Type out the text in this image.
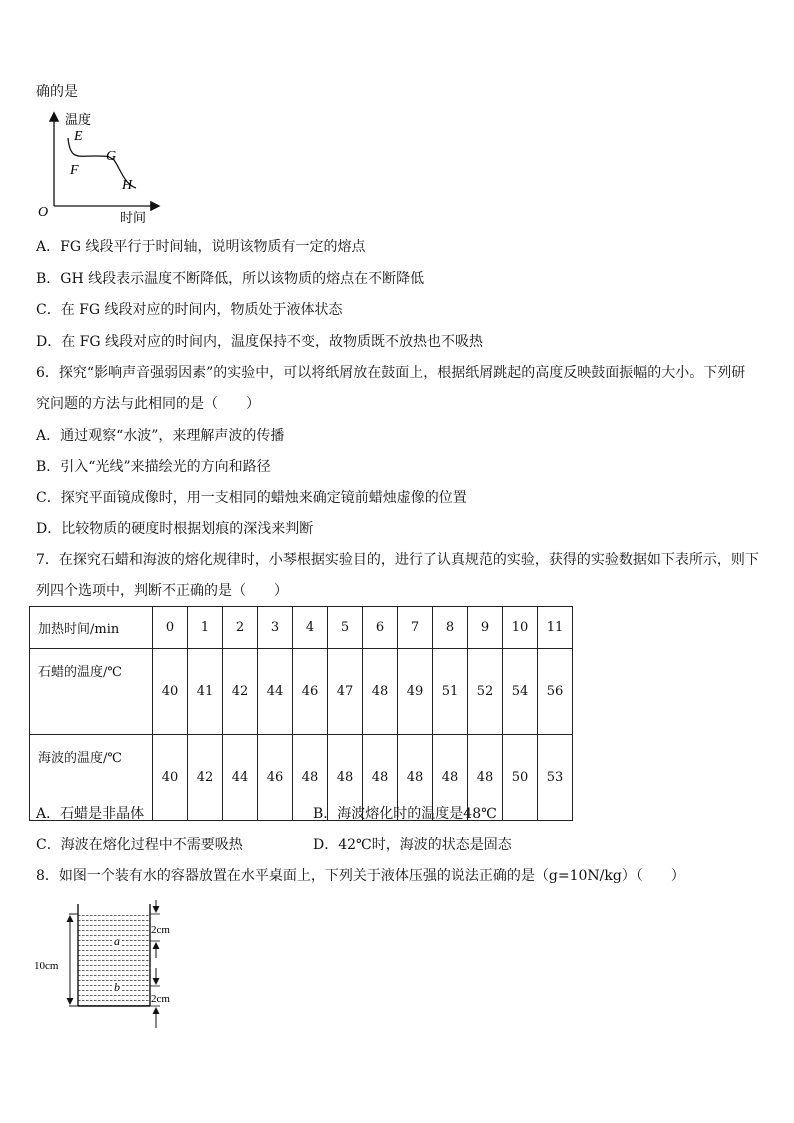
确的是
温度
时间
O
E
F
G
H
A．FG 线段平行于时间轴，说明该物质有一定的熔点
B．GH 线段表示温度不断降低，所以该物质的熔点在不断降低
C．在 FG 线段对应的时间内，物质处于液体状态
D．在 FG 线段对应的时间内，温度保持不变，故物质既不放热也不吸热
6．探究“影响声音强弱因素”的实验中，可以将纸屑放在鼓面上，根据纸屑跳起的高度反映鼓面振幅的大小。下列研
究问题的方法与此相同的是（　　）
A．通过观察“水波”，来理解声波的传播
B．引入“光线”来描绘光的方向和路径
C．探究平面镜成像时，用一支相同的蜡烛来确定镜前蜡烛虚像的位置
D．比较物质的硬度时根据划痕的深浅来判断
7．在探究石蜡和海波的熔化规律时，小琴根据实验目的，进行了认真规范的实验，获得的实验数据如下表所示，则下
列四个选项中，判断不正确的是（　　）
加热时间/min	0	1	2	3	4	5	6	7	8	9	10	11
石蜡的温度/℃	40	41	42	44	46	47	48	49	51	52	54	56
海波的温度/℃	40	42	44	46	48	48	48	48	48	48	50	53
A．石蜡是非晶体	B．海波熔化时的温度是48℃
C．海波在熔化过程中不需要吸热	D．42℃时，海波的状态是固态
8．如图一个装有水的容器放置在水平桌面上，下列关于液体压强的说法正确的是（g=10N/kg）（　　）
10cm
2cm
2cm
a
b
